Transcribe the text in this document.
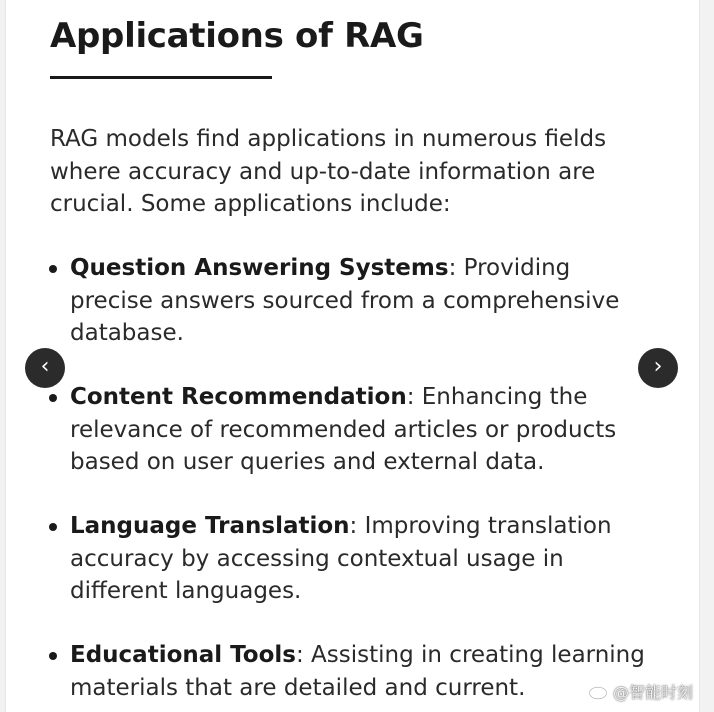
Applications of RAG

RAG models find applications in numerous fields where accuracy and up-to-date information are crucial. Some applications include:

Question Answering Systems: Providing precise answers sourced from a comprehensive database.
Content Recommendation: Enhancing the relevance of recommended articles or products based on user queries and external data.
Language Translation: Improving translation accuracy by accessing contextual usage in different languages.
Educational Tools: Assisting in creating learning materials that are detailed and current.
‹	›
@智能时刻
